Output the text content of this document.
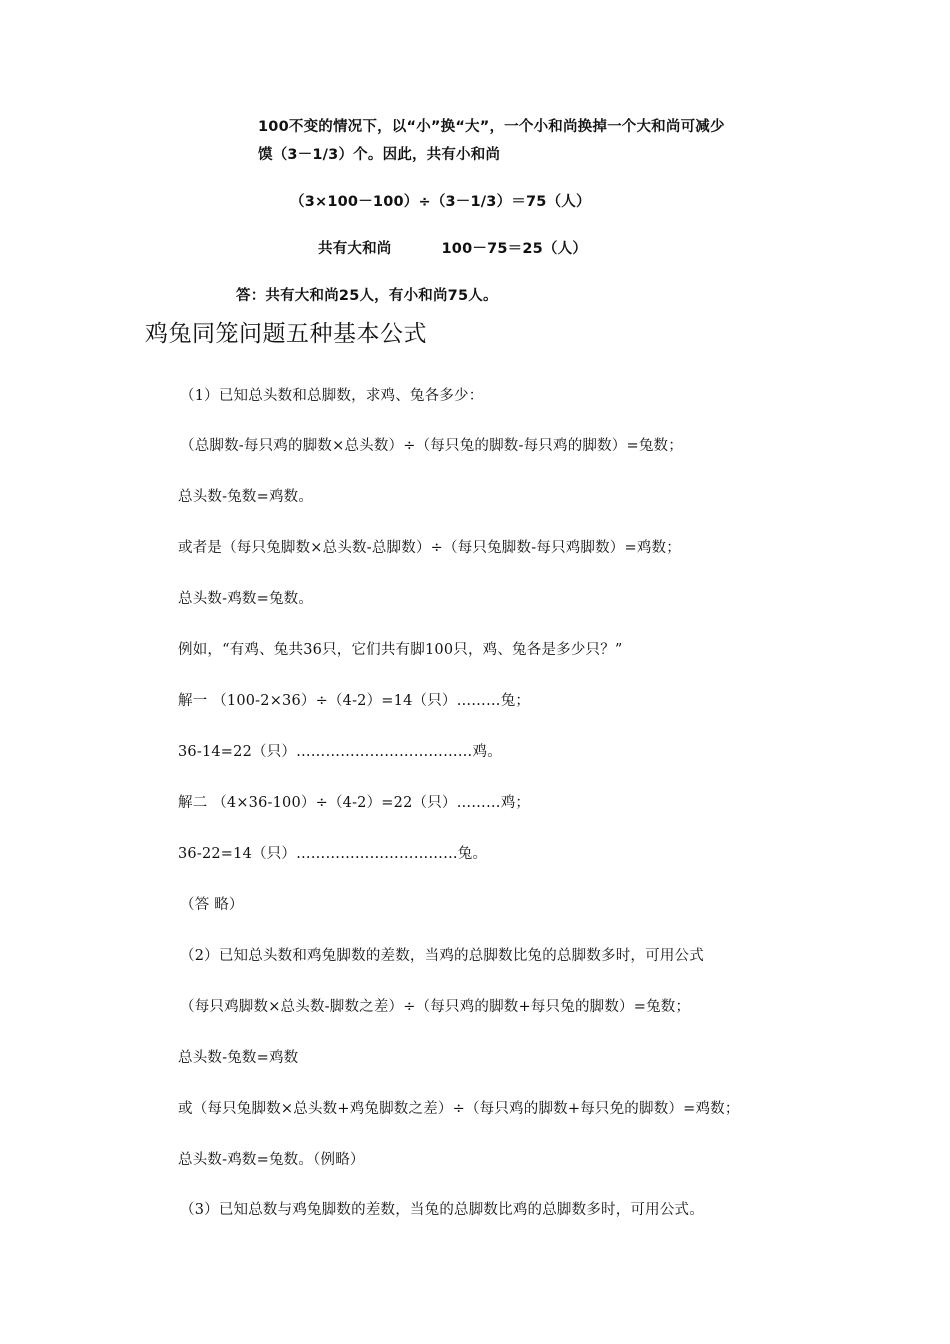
100不变的情况下，以“小”换“大”，一个小和尚换掉一个大和尚可减少
馍（3－1/3）个。因此，共有小和尚
（3×100－100）÷（3－1/3）＝75（人）
共有大和尚	100－75＝25（人）
答：共有大和尚25人，有小和尚75人。
鸡兔同笼问题五种基本公式
（1）已知总头数和总脚数，求鸡、兔各多少：
（总脚数-每只鸡的脚数×总头数）÷（每只兔的脚数-每只鸡的脚数）=兔数；
总头数-兔数=鸡数。
或者是（每只兔脚数×总头数-总脚数）÷（每只兔脚数-每只鸡脚数）=鸡数；
总头数-鸡数=兔数。
例如，“有鸡、兔共36只，它们共有脚100只，鸡、兔各是多少只？”
解一 （100-2×36）÷（4-2）=14（只）………兔；
36-14=22（只）………………………………鸡。
解二 （4×36-100）÷（4-2）=22（只）………鸡；
36-22=14（只）……………………………兔。
（答 略）
（2）已知总头数和鸡兔脚数的差数，当鸡的总脚数比兔的总脚数多时，可用公式
（每只鸡脚数×总头数-脚数之差）÷（每只鸡的脚数+每只兔的脚数）=兔数；
总头数-兔数=鸡数
或（每只兔脚数×总头数+鸡兔脚数之差）÷（每只鸡的脚数+每只免的脚数）=鸡数；
总头数-鸡数=兔数。（例略）
（3）已知总数与鸡兔脚数的差数，当兔的总脚数比鸡的总脚数多时，可用公式。
